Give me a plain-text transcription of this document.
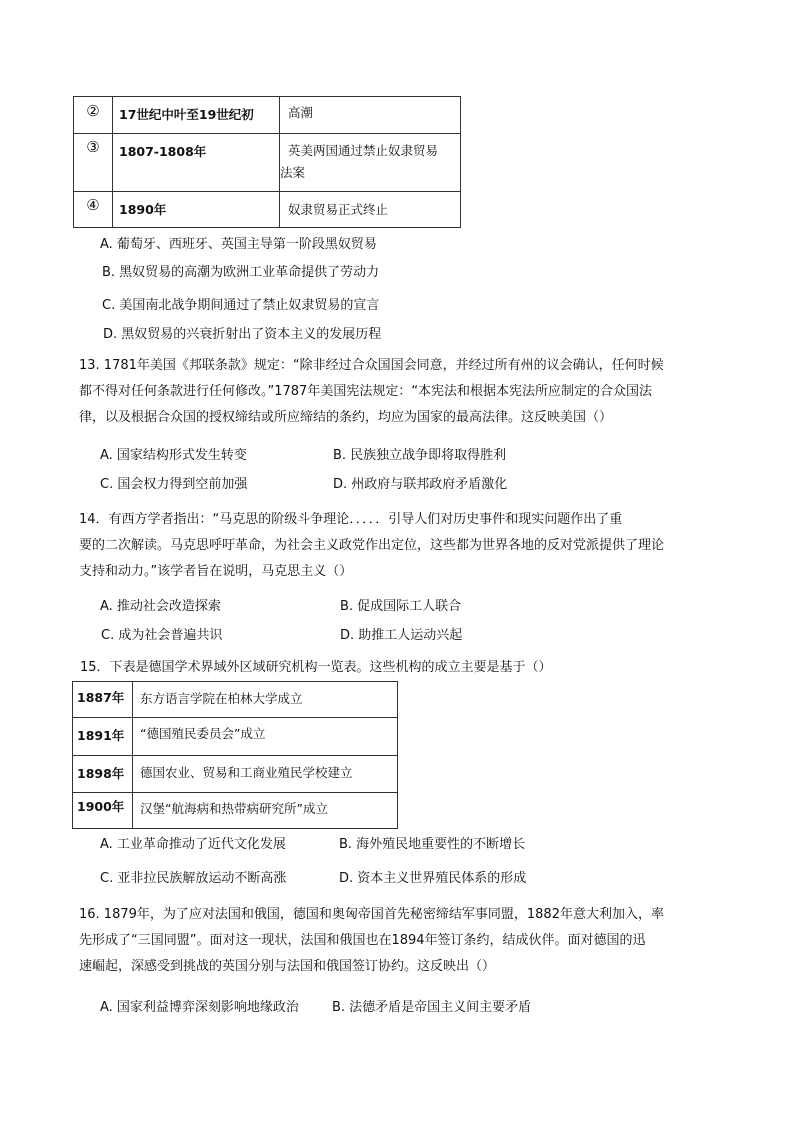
②	17世纪中叶至19世纪初	高潮
③	1807-1808年	英美两国通过禁止奴隶贸易
法案

④	1890年	奴隶贸易正式终止
A. 葡萄牙、西班牙、英国主导第一阶段黑奴贸易
B. 黑奴贸易的高潮为欧洲工业革命提供了劳动力
C. 美国南北战争期间通过了禁止奴隶贸易的宣言
D. 黑奴贸易的兴衰折射出了资本主义的发展历程
13. 1781年美国《邦联条款》规定：“除非经过合众国国会同意，并经过所有州的议会确认，任何时候
都不得对任何条款进行任何修改。”1787年美国宪法规定：“本宪法和根据本宪法所应制定的合众国法
律，以及根据合众国的授权缔结或所应缔结的条约，均应为国家的最高法律。这反映美国（）
A. 国家结构形式发生转变	B. 民族独立战争即将取得胜利
C. 国会权力得到空前加强	D. 州政府与联邦政府矛盾激化
14．有西方学者指出：“马克思的阶级斗争理论．．．．．引导人们对历史事件和现实问题作出了重
要的二次解读。马克思呼吁革命，为社会主义政党作出定位，这些都为世界各地的反对党派提供了理论
支持和动力。”该学者旨在说明，马克思主义（）
A. 推动社会改造探索	B. 促成国际工人联合
C. 成为社会普遍共识	D. 助推工人运动兴起
15．下表是德国学术界域外区域研究机构一览表。这些机构的成立主要是基于（）
1887年	东方语言学院在柏林大学成立
1891年	“德国殖民委员会”成立
1898年	德国农业、贸易和工商业殖民学校建立
1900年	汉堡“航海病和热带病研究所”成立
A. 工业革命推动了近代文化发展	B. 海外殖民地重要性的不断增长
C. 亚非拉民族解放运动不断高涨	D. 资本主义世界殖民体系的形成
16. 1879年，为了应对法国和俄国，德国和奥匈帝国首先秘密缔结军事同盟，1882年意大利加入，率
先形成了“三国同盟”。面对这一现状，法国和俄国也在1894年签订条约，结成伙伴。面对德国的迅
速崛起，深感受到挑战的英国分别与法国和俄国签订协约。这反映出（）
A. 国家利益博弈深刻影响地缘政治	B. 法德矛盾是帝国主义间主要矛盾
